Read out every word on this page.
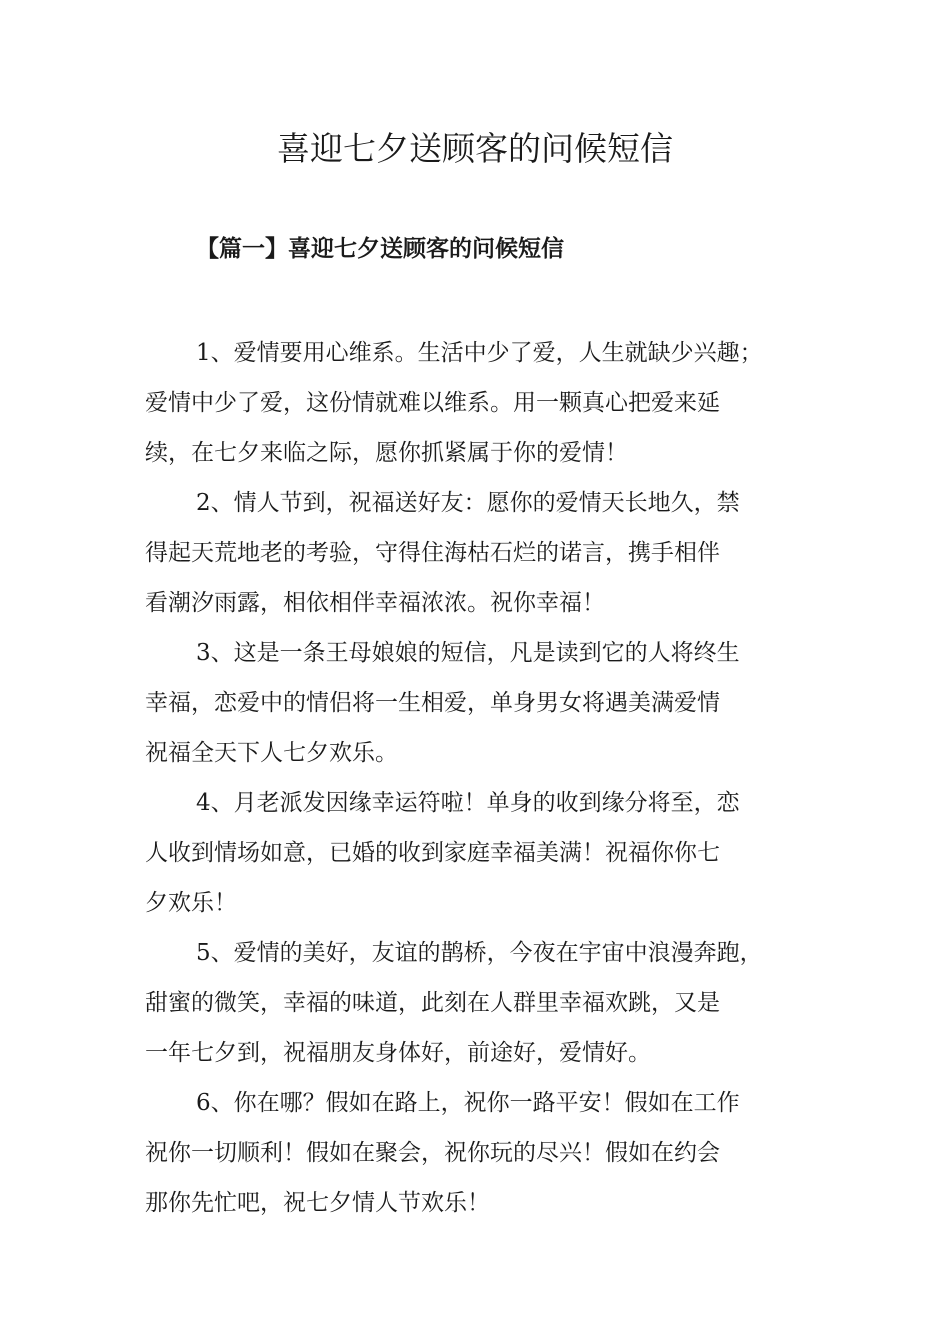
喜迎七夕送顾客的问候短信
【篇一】喜迎七夕送顾客的问候短信

1、爱情要用心维系。生活中少了爱，人生就缺少兴趣；
爱情中少了爱，这份情就难以维系。用一颗真心把爱来延
续，在七夕来临之际，愿你抓紧属于你的爱情！

2、情人节到，祝福送好友：愿你的爱情天长地久，禁
得起天荒地老的考验，守得住海枯石烂的诺言，携手相伴
看潮汐雨露，相依相伴幸福浓浓。祝你幸福！

3、这是一条王母娘娘的短信，凡是读到它的人将终生
幸福，恋爱中的情侣将一生相爱，单身男女将遇美满爱情
祝福全天下人七夕欢乐。

4、月老派发因缘幸运符啦！单身的收到缘分将至，恋
人收到情场如意，已婚的收到家庭幸福美满！祝福你你七
夕欢乐！

5、爱情的美好，友谊的鹊桥，今夜在宇宙中浪漫奔跑，
甜蜜的微笑，幸福的味道，此刻在人群里幸福欢跳，又是
一年七夕到，祝福朋友身体好，前途好，爱情好。

6、你在哪？假如在路上，祝你一路平安！假如在工作
祝你一切顺利！假如在聚会，祝你玩的尽兴！假如在约会
那你先忙吧，祝七夕情人节欢乐！
